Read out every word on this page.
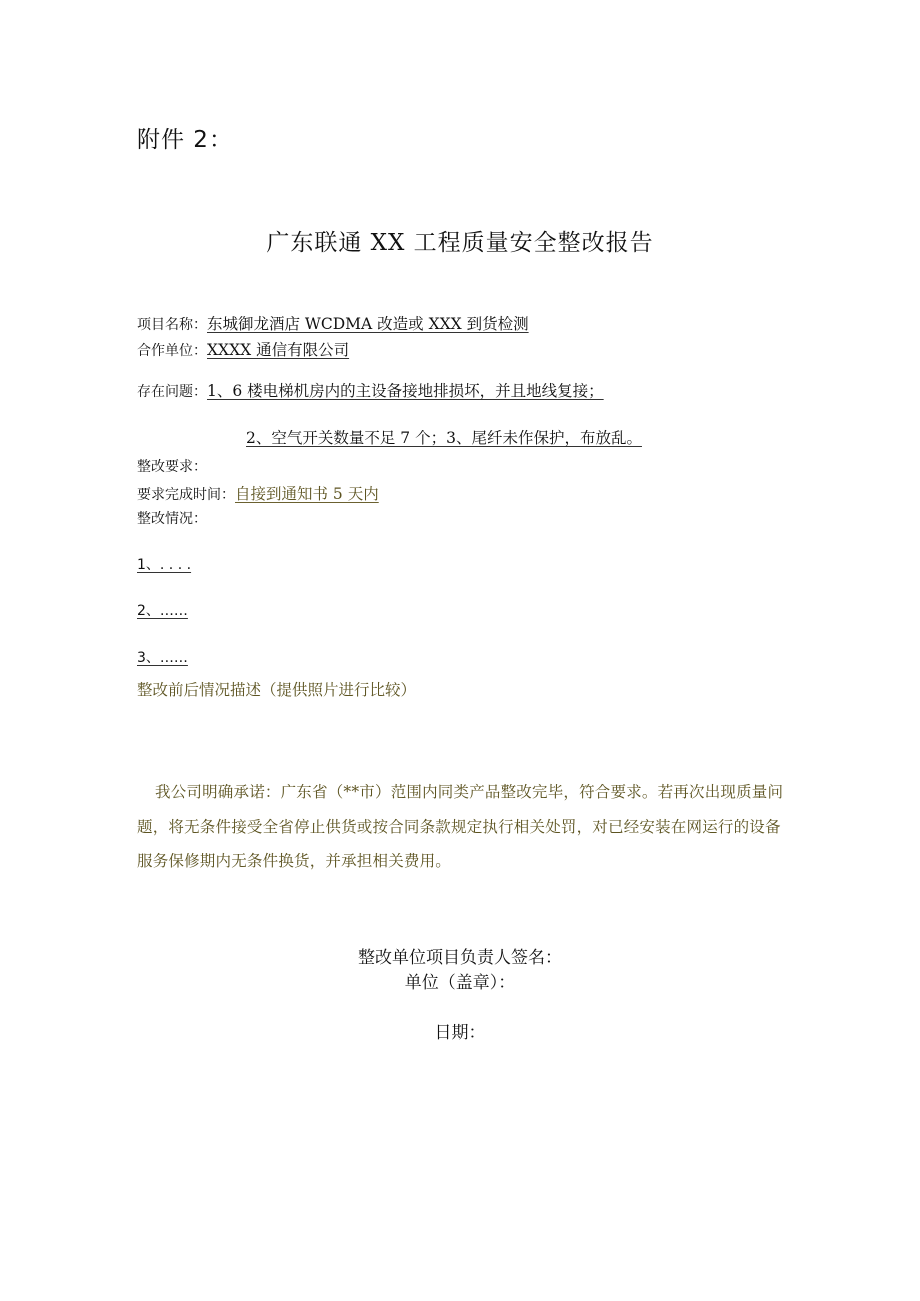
附件 2：
广东联通 XX 工程质量安全整改报告
项目名称：东城御龙酒店 WCDMA 改造或 XXX 到货检测
合作单位：XXXX 通信有限公司
存在问题：1、6 楼电梯机房内的主设备接地排损坏，并且地线复接；
2、空气开关数量不足 7 个；3、尾纤未作保护，布放乱。
整改要求：
要求完成时间：自接到通知书 5 天内
整改情况：
1、. . . .
2、……
3、……
整改前后情况描述（提供照片进行比较）
我公司明确承诺：广东省（**市）范围内同类产品整改完毕，符合要求。若再次出现质量问题，将无条件接受全省停止供货或按合同条款规定执行相关处罚，对已经安装在网运行的设备服务保修期内无条件换货，并承担相关费用。
整改单位项目负责人签名：
单位（盖章）：
日期：
